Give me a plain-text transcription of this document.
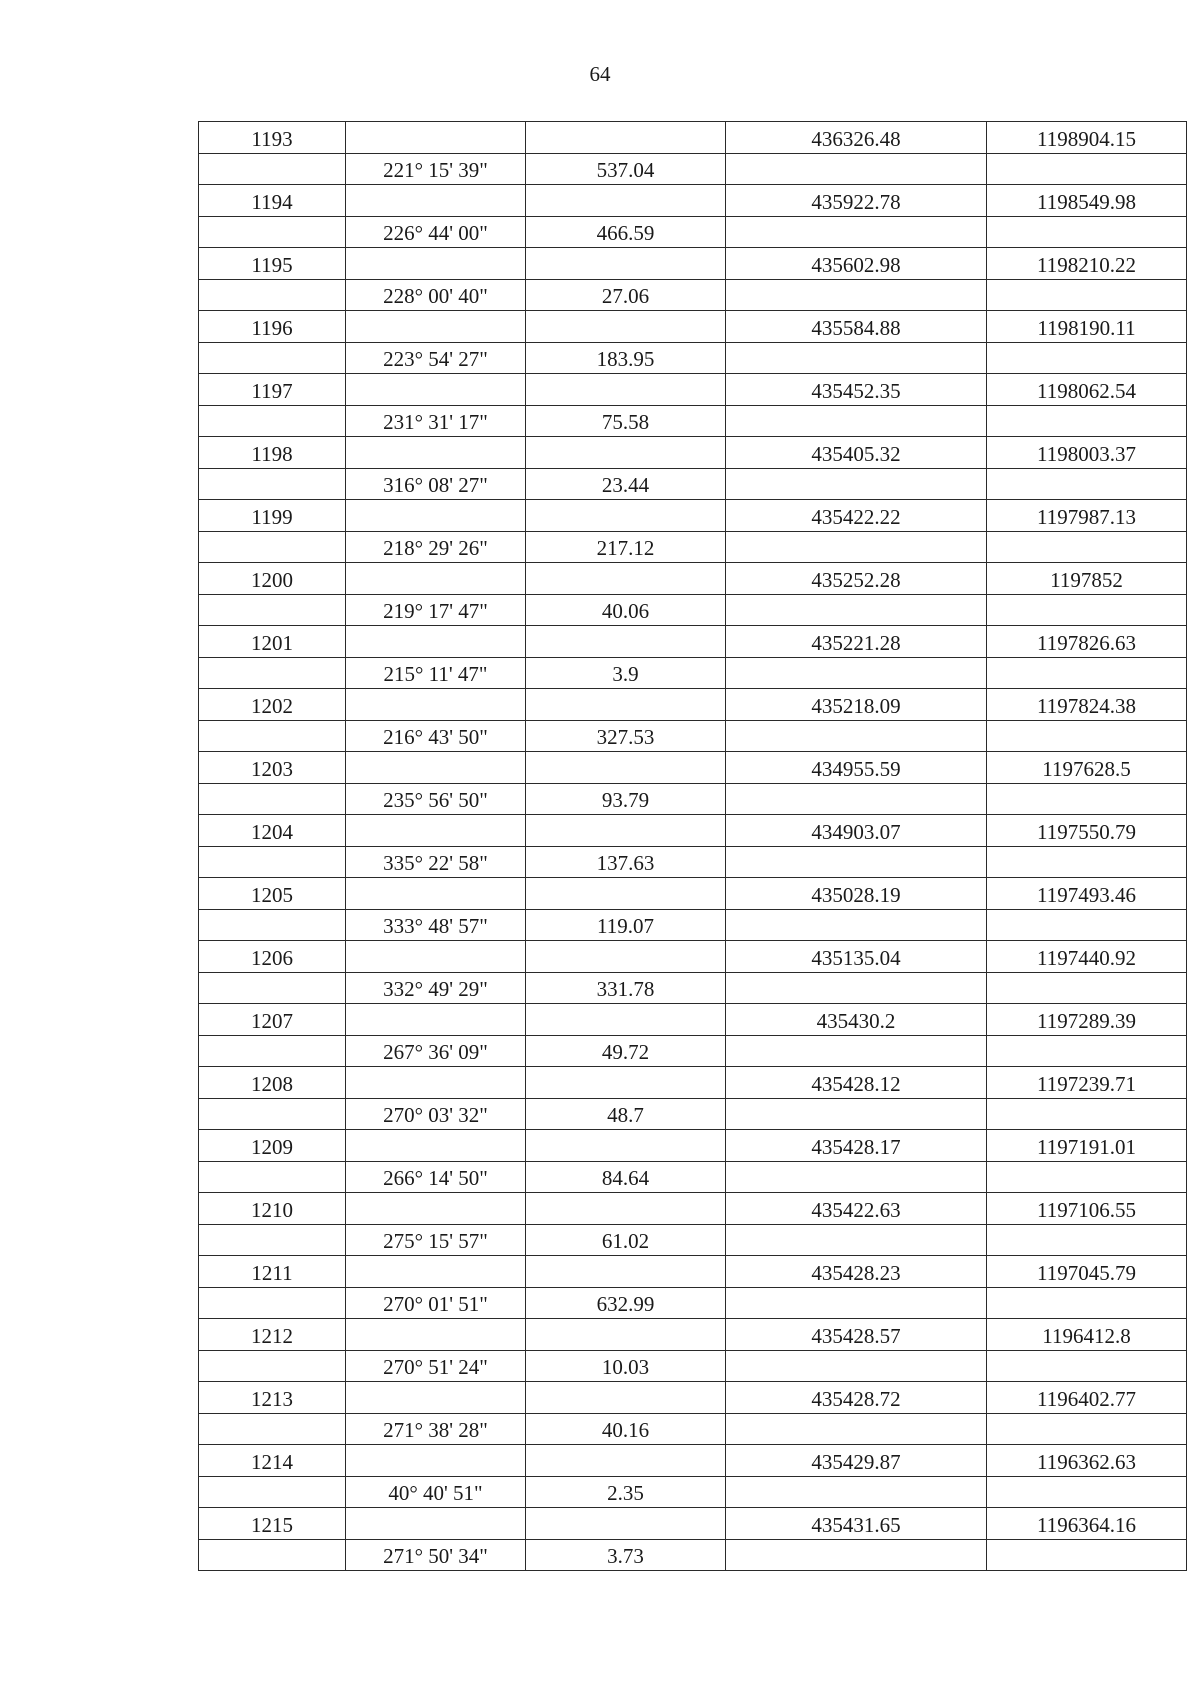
64
1193			436326.48	1198904.15
	221° 15' 39"	537.04		
1194			435922.78	1198549.98
	226° 44' 00"	466.59		
1195			435602.98	1198210.22
	228° 00' 40"	27.06		
1196			435584.88	1198190.11
	223° 54' 27"	183.95		
1197			435452.35	1198062.54
	231° 31' 17"	75.58		
1198			435405.32	1198003.37
	316° 08' 27"	23.44		
1199			435422.22	1197987.13
	218° 29' 26"	217.12		
1200			435252.28	1197852
	219° 17' 47"	40.06		
1201			435221.28	1197826.63
	215° 11' 47"	3.9		
1202			435218.09	1197824.38
	216° 43' 50"	327.53		
1203			434955.59	1197628.5
	235° 56' 50"	93.79		
1204			434903.07	1197550.79
	335° 22' 58"	137.63		
1205			435028.19	1197493.46
	333° 48' 57"	119.07		
1206			435135.04	1197440.92
	332° 49' 29"	331.78		
1207			435430.2	1197289.39
	267° 36' 09"	49.72		
1208			435428.12	1197239.71
	270° 03' 32"	48.7		
1209			435428.17	1197191.01
	266° 14' 50"	84.64		
1210			435422.63	1197106.55
	275° 15' 57"	61.02		
1211			435428.23	1197045.79
	270° 01' 51"	632.99		
1212			435428.57	1196412.8
	270° 51' 24"	10.03		
1213			435428.72	1196402.77
	271° 38' 28"	40.16		
1214			435429.87	1196362.63
	40° 40' 51"	2.35		
1215			435431.65	1196364.16
	271° 50' 34"	3.73		
